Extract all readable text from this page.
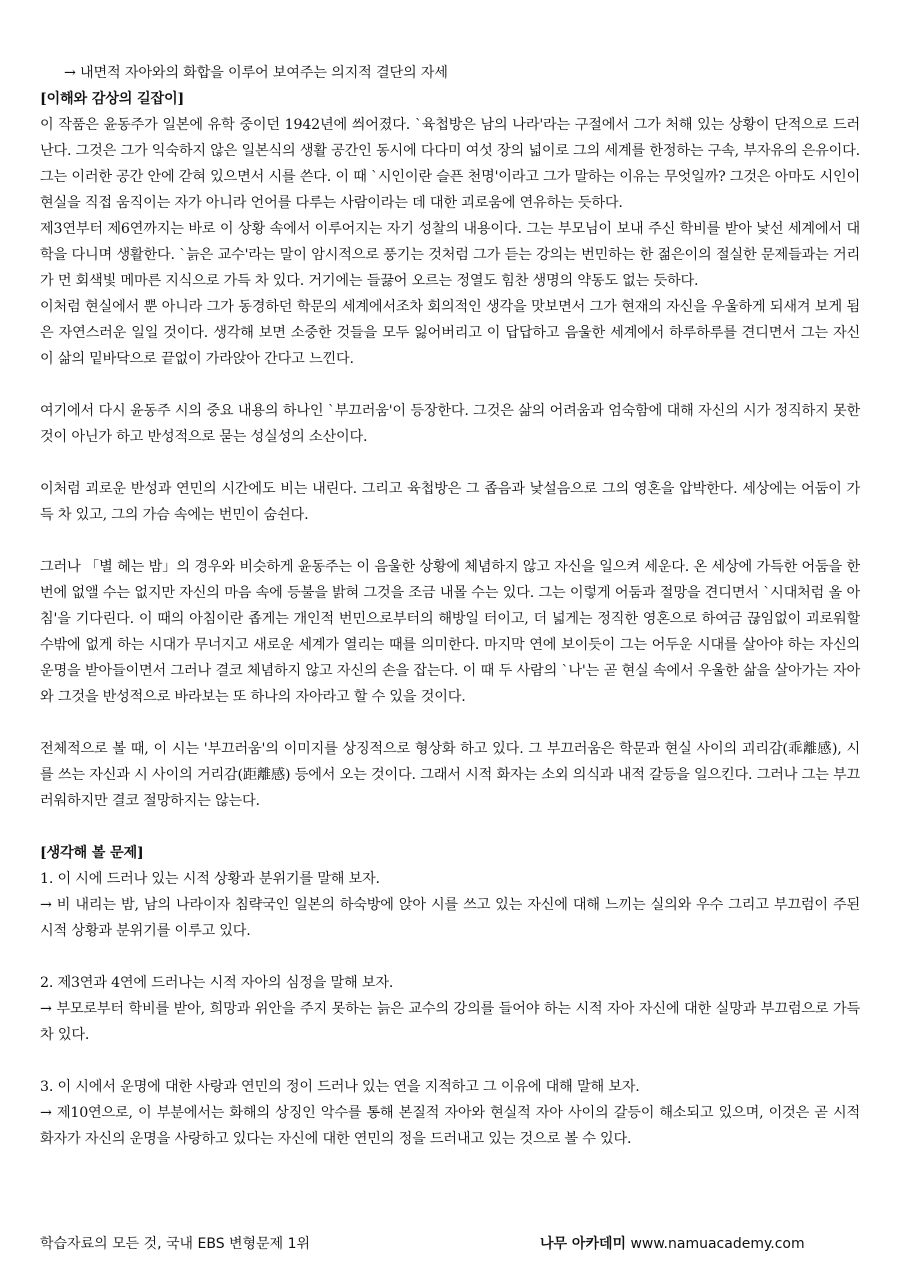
→ 내면적 자아와의 화합을 이루어 보여주는 의지적 결단의 자세

[이해와 감상의 길잡이]

이 작품은 윤동주가 일본에 유학 중이던 1942년에 씌어졌다. `육첩방은 남의 나라'라는 구절에서 그가 처해 있는 상황이 단적으로 드러난다. 그것은 그가 익숙하지 않은 일본식의 생활 공간인 동시에 다다미 여섯 장의 넓이로 그의 세계를 한정하는 구속, 부자유의 은유이다. 그는 이러한 공간 안에 갇혀 있으면서 시를 쓴다. 이 때 `시인이란 슬픈 천명'이라고 그가 말하는 이유는 무엇일까? 그것은 아마도 시인이 현실을 직접 움직이는 자가 아니라 언어를 다루는 사람이라는 데 대한 괴로움에 연유하는 듯하다.

제3연부터 제6연까지는 바로 이 상황 속에서 이루어지는 자기 성찰의 내용이다. 그는 부모님이 보내 주신 학비를 받아 낯선 세계에서 대학을 다니며 생활한다. `늙은 교수'라는 말이 암시적으로 풍기는 것처럼 그가 듣는 강의는 번민하는 한 젊은이의 절실한 문제들과는 거리가 먼 회색빛 메마른 지식으로 가득 차 있다. 거기에는 들끓어 오르는 정열도 힘찬 생명의 약동도 없는 듯하다.

이처럼 현실에서 뿐 아니라 그가 동경하던 학문의 세계에서조차 회의적인 생각을 맛보면서 그가 현재의 자신을 우울하게 되새겨 보게 됨은 자연스러운 일일 것이다. 생각해 보면 소중한 것들을 모두 잃어버리고 이 답답하고 음울한 세계에서 하루하루를 견디면서 그는 자신이 삶의 밑바닥으로 끝없이 가라앉아 간다고 느낀다.

여기에서 다시 윤동주 시의 중요 내용의 하나인 `부끄러움'이 등장한다. 그것은 삶의 어려움과 엄숙함에 대해 자신의 시가 정직하지 못한 것이 아닌가 하고 반성적으로 묻는 성실성의 소산이다.

이처럼 괴로운 반성과 연민의 시간에도 비는 내린다. 그리고 육첩방은 그 좁음과 낯설음으로 그의 영혼을 압박한다. 세상에는 어둠이 가득 차 있고, 그의 가슴 속에는 번민이 숨쉰다.

그러나 「별 헤는 밤」의 경우와 비슷하게 윤동주는 이 음울한 상황에 체념하지 않고 자신을 일으켜 세운다. 온 세상에 가득한 어둠을 한 번에 없앨 수는 없지만 자신의 마음 속에 등불을 밝혀 그것을 조금 내몰 수는 있다. 그는 이렇게 어둠과 절망을 견디면서 `시대처럼 올 아침'을 기다린다. 이 때의 아침이란 좁게는 개인적 번민으로부터의 해방일 터이고, 더 넓게는 정직한 영혼으로 하여금 끊임없이 괴로워할 수밖에 없게 하는 시대가 무너지고 새로운 세계가 열리는 때를 의미한다. 마지막 연에 보이듯이 그는 어두운 시대를 살아야 하는 자신의 운명을 받아들이면서 그러나 결코 체념하지 않고 자신의 손을 잡는다. 이 때 두 사람의 `나'는 곧 현실 속에서 우울한 삶을 살아가는 자아와 그것을 반성적으로 바라보는 또 하나의 자아라고 할 수 있을 것이다.

전체적으로 볼 때, 이 시는 '부끄러움'의 이미지를 상징적으로 형상화 하고 있다. 그 부끄러움은 학문과 현실 사이의 괴리감(乖離感), 시를 쓰는 자신과 시 사이의 거리감(距離感) 등에서 오는 것이다. 그래서 시적 화자는 소외 의식과 내적 갈등을 일으킨다. 그러나 그는 부끄러워하지만 결코 절망하지는 않는다.

[생각해 볼 문제]

1. 이 시에 드러나 있는 시적 상황과 분위기를 말해 보자.

→ 비 내리는 밤, 남의 나라이자 침략국인 일본의 하숙방에 앉아 시를 쓰고 있는 자신에 대해 느끼는 실의와 우수 그리고 부끄럼이 주된 시적 상황과 분위기를 이루고 있다.

2. 제3연과 4연에 드러나는 시적 자아의 심정을 말해 보자.

→ 부모로부터 학비를 받아, 희망과 위안을 주지 못하는 늙은 교수의 강의를 들어야 하는 시적 자아 자신에 대한 실망과 부끄럼으로 가득 차 있다.

3. 이 시에서 운명에 대한 사랑과 연민의 정이 드러나 있는 연을 지적하고 그 이유에 대해 말해 보자.

→ 제10연으로, 이 부분에서는 화해의 상징인 악수를 통해 본질적 자아와 현실적 자아 사이의 갈등이 해소되고 있으며, 이것은 곧 시적 화자가 자신의 운명을 사랑하고 있다는 자신에 대한 연민의 정을 드러내고 있는 것으로 볼 수 있다.

학습자료의 모든 것, 국내 EBS 변형문제 1위	나무 아카데미 www.namuacademy.com
